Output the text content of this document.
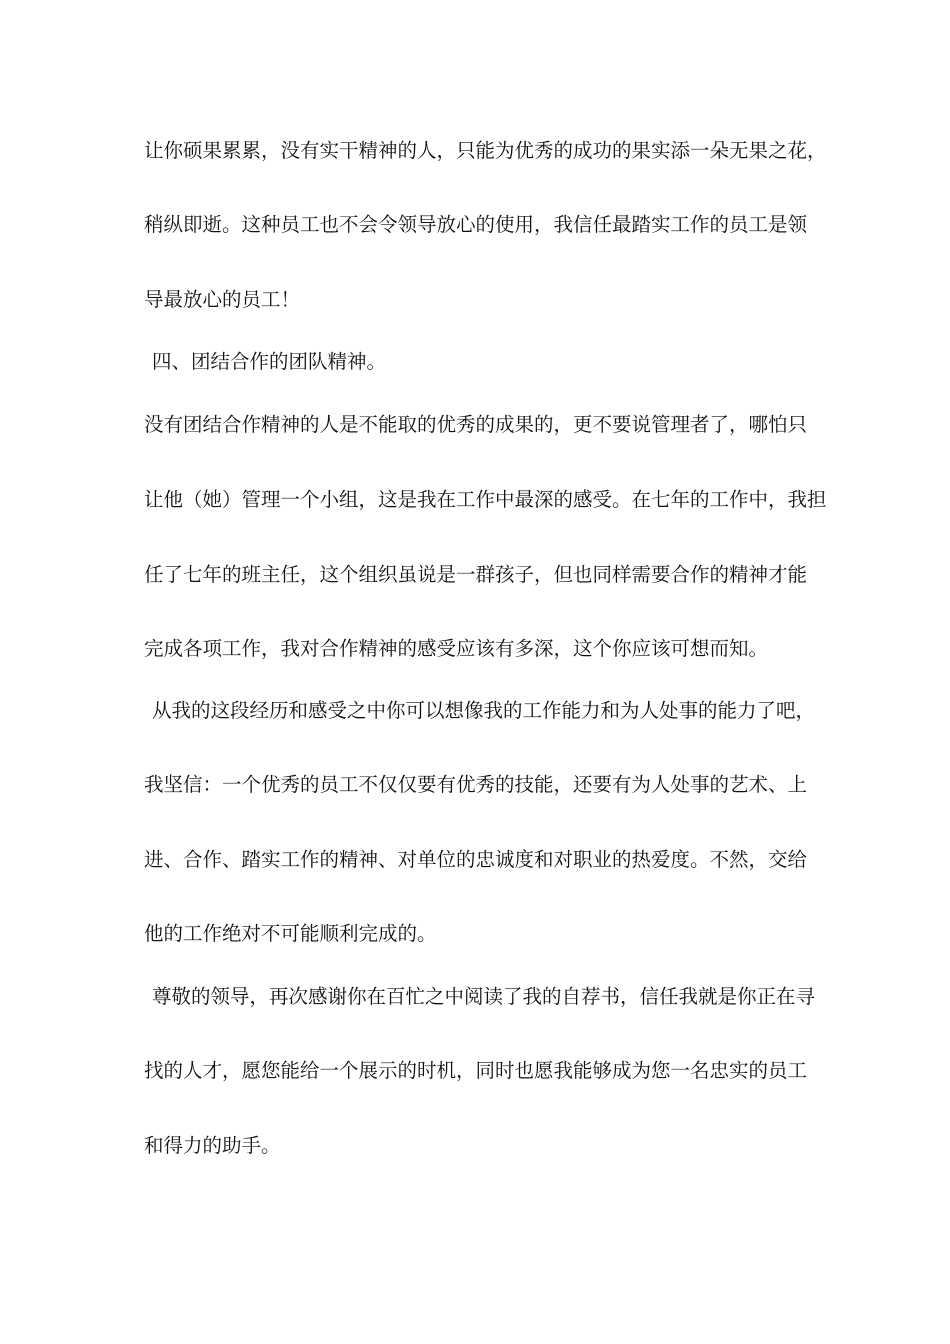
让你硕果累累，没有实干精神的人，只能为优秀的成功的果实添一朵无果之花，
稍纵即逝。这种员工也不会令领导放心的使用，我信任最踏实工作的员工是领
导最放心的员工！
四、团结合作的团队精神。
没有团结合作精神的人是不能取的优秀的成果的，更不要说管理者了，哪怕只
让他（她）管理一个小组，这是我在工作中最深的感受。在七年的工作中，我担
任了七年的班主任，这个组织虽说是一群孩子，但也同样需要合作的精神才能
完成各项工作，我对合作精神的感受应该有多深，这个你应该可想而知。
从我的这段经历和感受之中你可以想像我的工作能力和为人处事的能力了吧，
我坚信：一个优秀的员工不仅仅要有优秀的技能，还要有为人处事的艺术、上
进、合作、踏实工作的精神、对单位的忠诚度和对职业的热爱度。不然，交给
他的工作绝对不可能顺利完成的。
尊敬的领导，再次感谢你在百忙之中阅读了我的自荐书，信任我就是你正在寻
找的人才，愿您能给一个展示的时机，同时也愿我能够成为您一名忠实的员工
和得力的助手。
